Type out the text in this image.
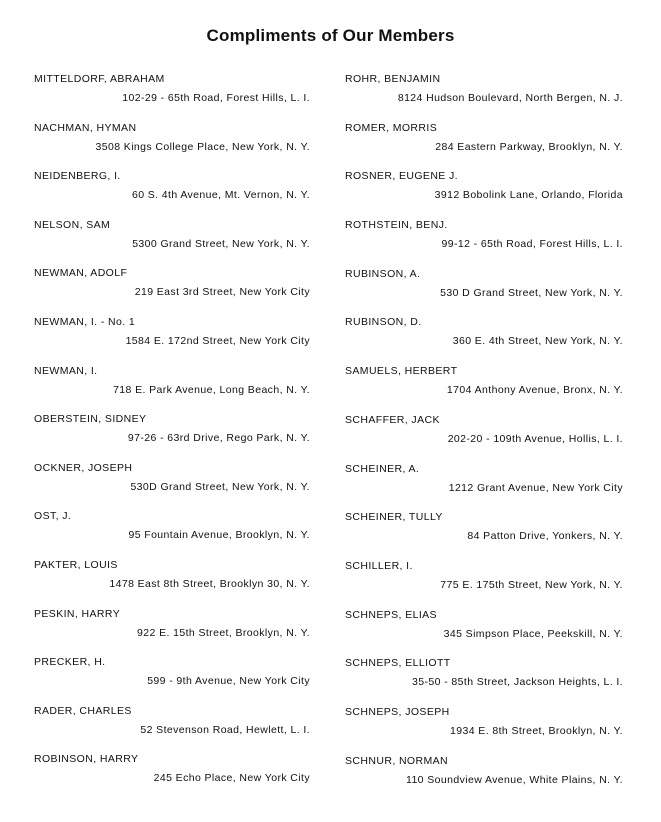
Compliments of Our Members
MITTELDORF, ABRAHAM
102-29 - 65th Road, Forest Hills, L. I.
NACHMAN, HYMAN
3508 Kings College Place, New York, N. Y.
NEIDENBERG, I.
60 S. 4th Avenue, Mt. Vernon, N. Y.
NELSON, SAM
5300 Grand Street, New York, N. Y.
NEWMAN, ADOLF
219 East 3rd Street, New York City
NEWMAN, I. - No. 1
1584 E. 172nd Street, New York City
NEWMAN, I.
718 E. Park Avenue, Long Beach, N. Y.
OBERSTEIN, SIDNEY
97-26 - 63rd Drive, Rego Park, N. Y.
OCKNER, JOSEPH
530D Grand Street, New York, N. Y.
OST, J.
95 Fountain Avenue, Brooklyn, N. Y.
PAKTER, LOUIS
1478 East 8th Street, Brooklyn 30, N. Y.
PESKIN, HARRY
922 E. 15th Street, Brooklyn, N. Y.
PRECKER, H.
599 - 9th Avenue, New York City
RADER, CHARLES
52 Stevenson Road, Hewlett, L. I.
ROBINSON, HARRY
245 Echo Place, New York City
ROHR, BENJAMIN
8124 Hudson Boulevard, North Bergen, N. J.
ROMER, MORRIS
284 Eastern Parkway, Brooklyn, N. Y.
ROSNER, EUGENE J.
3912 Bobolink Lane, Orlando, Florida
ROTHSTEIN, BENJ.
99-12 - 65th Road, Forest Hills, L. I.
RUBINSON, A.
530 D Grand Street, New York, N. Y.
RUBINSON, D.
360 E. 4th Street, New York, N. Y.
SAMUELS, HERBERT
1704 Anthony Avenue, Bronx, N. Y.
SCHAFFER, JACK
202-20 - 109th Avenue, Hollis, L. I.
SCHEINER, A.
1212 Grant Avenue, New York City
SCHEINER, TULLY
84 Patton Drive, Yonkers, N. Y.
SCHILLER, I.
775 E. 175th Street, New York, N. Y.
SCHNEPS, ELIAS
345 Simpson Place, Peekskill, N. Y.
SCHNEPS, ELLIOTT
35-50 - 85th Street, Jackson Heights, L. I.
SCHNEPS, JOSEPH
1934 E. 8th Street, Brooklyn, N. Y.
SCHNUR, NORMAN
110 Soundview Avenue, White Plains, N. Y.
